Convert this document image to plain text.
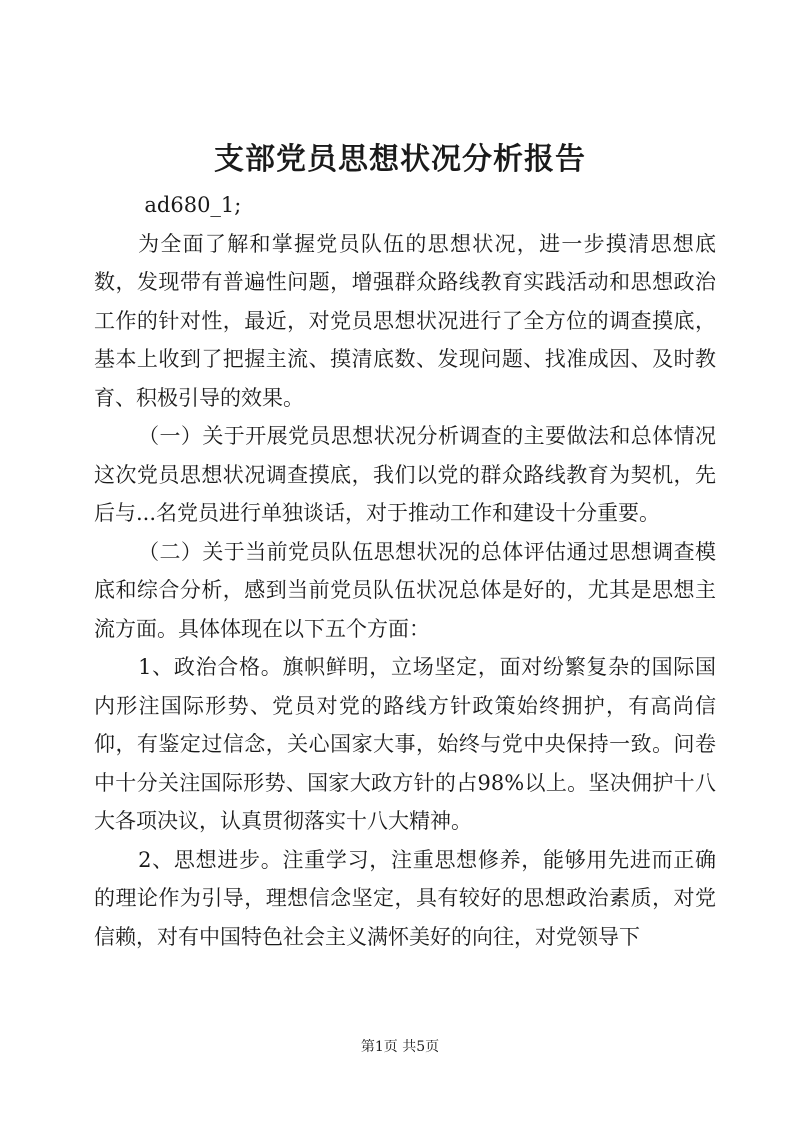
支部党员思想状况分析报告

ad680_1;

为全面了解和掌握党员队伍的思想状况，进一步摸清思想底数，发现带有普遍性问题，增强群众路线教育实践活动和思想政治工作的针对性，最近，对党员思想状况进行了全方位的调查摸底，基本上收到了把握主流、摸清底数、发现问题、找准成因、及时教育、积极引导的效果。

（一）关于开展党员思想状况分析调查的主要做法和总体情况这次党员思想状况调查摸底，我们以党的群众路线教育为契机，先后与...名党员进行单独谈话，对于推动工作和建设十分重要。

（二）关于当前党员队伍思想状况的总体评估通过思想调查模底和综合分析，感到当前党员队伍状况总体是好的，尤其是思想主流方面。具体体现在以下五个方面：

1、政治合格。旗帜鲜明，立场坚定，面对纷繁复杂的国际国内形注国际形势、党员对党的路线方针政策始终拥护，有高尚信仰，有鉴定过信念，关心国家大事，始终与党中央保持一致。问卷中十分关注国际形势、国家大政方针的占98%以上。坚决佣护十八大各项决议，认真贯彻落实十八大精神。

2、思想进步。注重学习，注重思想修养，能够用先进而正确的理论作为引导，理想信念坚定，具有较好的思想政治素质，对党信赖，对有中国特色社会主义满怀美好的向往，对党领导下

第1页 共5页
